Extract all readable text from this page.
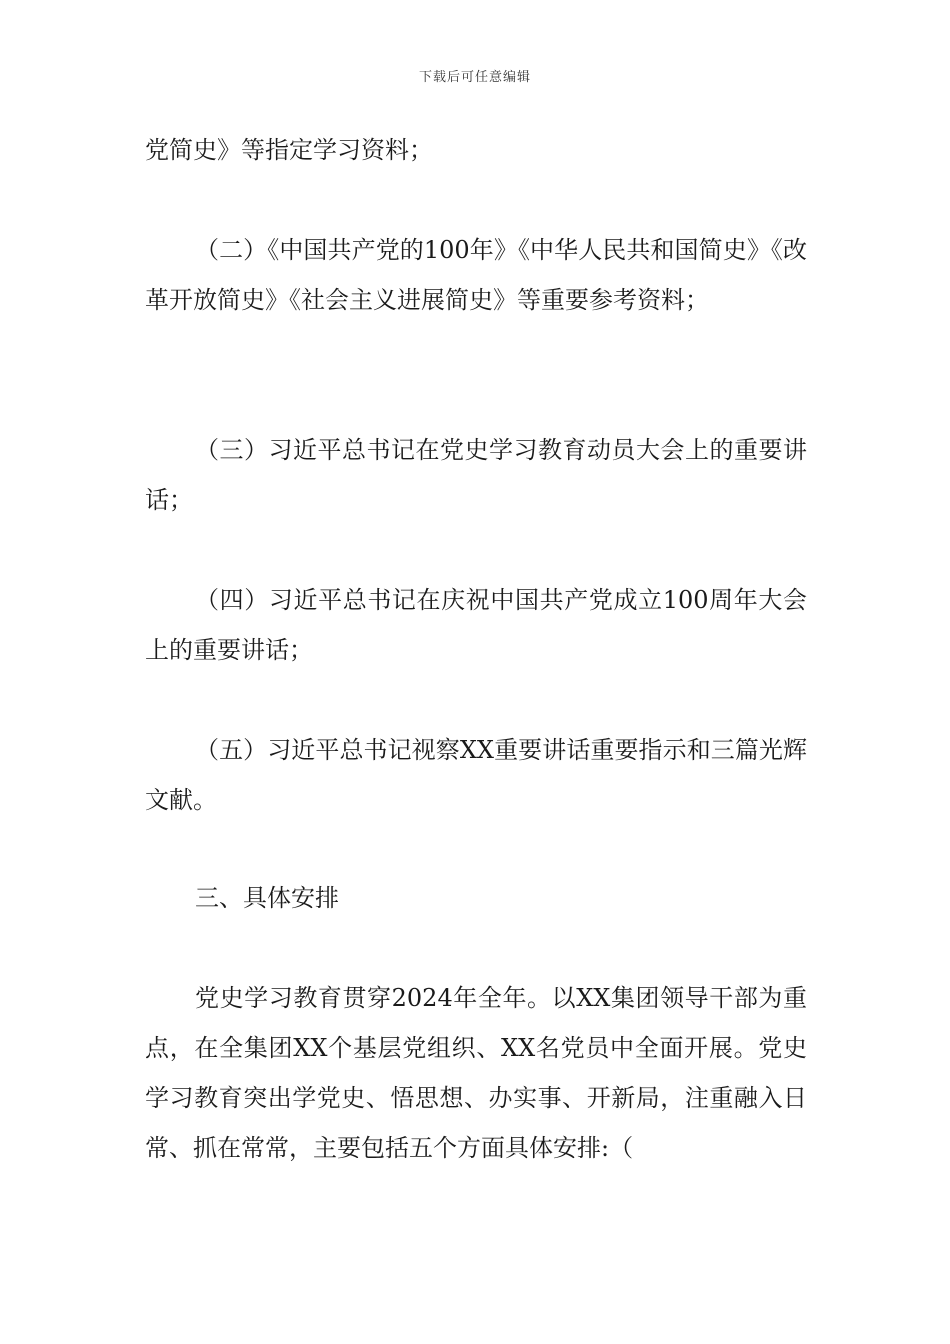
下载后可任意编辑

党简史》等指定学习资料；

（二）《中国共产党的100年》《中华人民共和国简史》《改革开放简史》《社会主义进展简史》等重要参考资料；

（三）习近平总书记在党史学习教育动员大会上的重要讲话；

（四）习近平总书记在庆祝中国共产党成立100周年大会上的重要讲话；

（五）习近平总书记视察XX重要讲话重要指示和三篇光辉文献。

三、具体安排

党史学习教育贯穿2024年全年。以XX集团领导干部为重点，在全集团XX个基层党组织、XX名党员中全面开展。党史学习教育突出学党史、悟思想、办实事、开新局，注重融入日常、抓在常常，主要包括五个方面具体安排:（
